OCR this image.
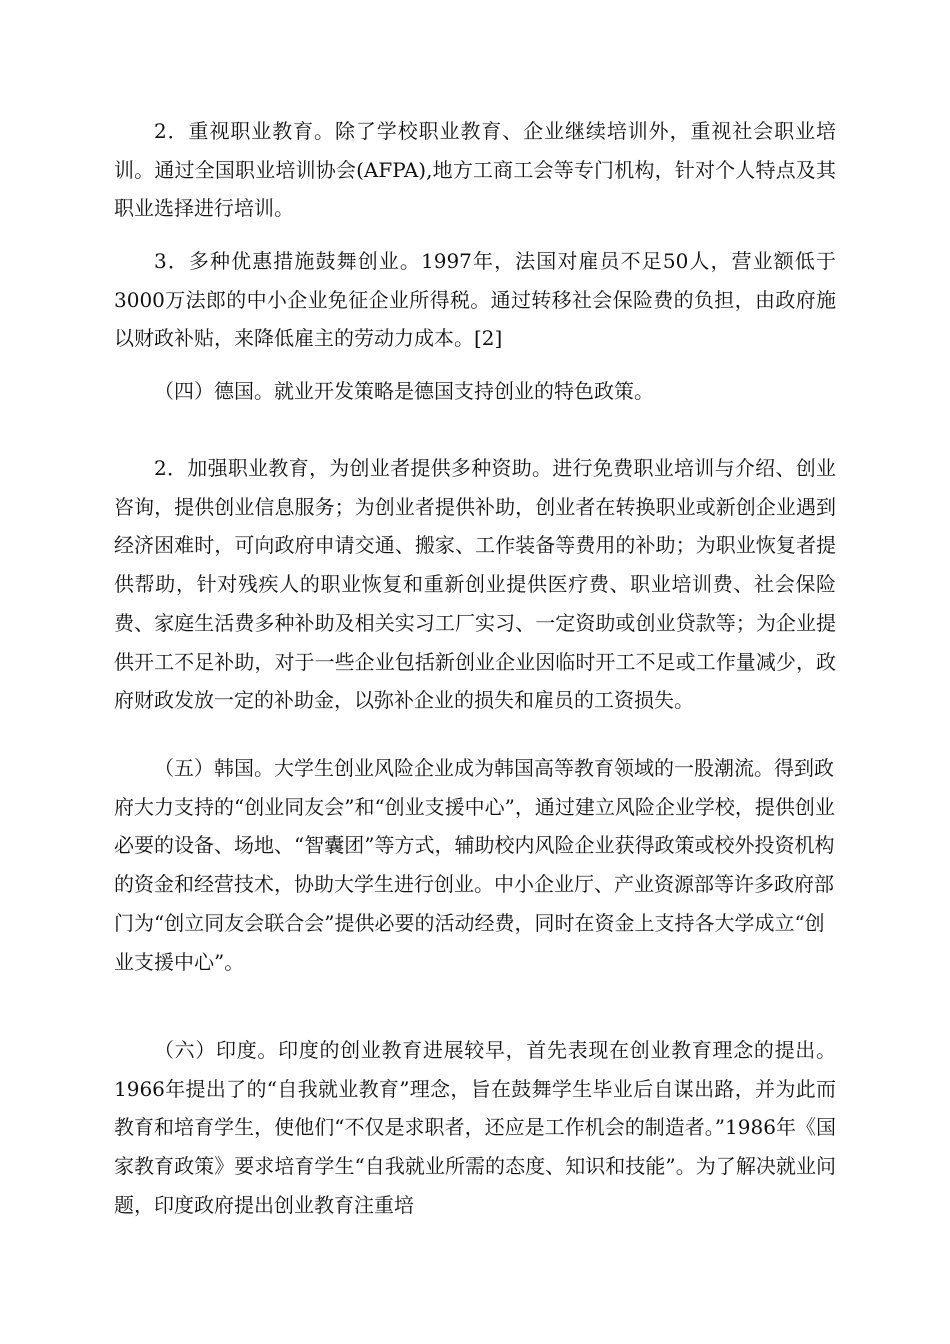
2．重视职业教育。除了学校职业教育、企业继续培训外，重视社会职业培训。通过全国职业培训协会(AFPA),地方工商工会等专门机构，针对个人特点及其职业选择进行培训。

3．多种优惠措施鼓舞创业。1997年，法国对雇员不足50人，营业额低于3000万法郎的中小企业免征企业所得税。通过转移社会保险费的负担，由政府施以财政补贴，来降低雇主的劳动力成本。[2]

（四）德国。就业开发策略是德国支持创业的特色政策。

2．加强职业教育，为创业者提供多种资助。进行免费职业培训与介绍、创业咨询，提供创业信息服务；为创业者提供补助，创业者在转换职业或新创企业遇到经济困难时，可向政府申请交通、搬家、工作装备等费用的补助；为职业恢复者提供帮助，针对残疾人的职业恢复和重新创业提供医疗费、职业培训费、社会保险费、家庭生活费多种补助及相关实习工厂实习、一定资助或创业贷款等；为企业提供开工不足补助，对于一些企业包括新创业企业因临时开工不足或工作量减少，政府财政发放一定的补助金，以弥补企业的损失和雇员的工资损失。

（五）韩国。大学生创业风险企业成为韩国高等教育领域的一股潮流。得到政府大力支持的“创业同友会”和“创业支援中心”，通过建立风险企业学校，提供创业必要的设备、场地、“智囊团”等方式，辅助校内风险企业获得政策或校外投资机构的资金和经营技术，协助大学生进行创业。中小企业厅、产业资源部等许多政府部门为“创立同友会联合会”提供必要的活动经费，同时在资金上支持各大学成立“创业支援中心”。

（六）印度。印度的创业教育进展较早，首先表现在创业教育理念的提出。1966年提出了的“自我就业教育”理念，旨在鼓舞学生毕业后自谋出路，并为此而教育和培育学生，使他们“不仅是求职者，还应是工作机会的制造者。”1986年《国家教育政策》要求培育学生“自我就业所需的态度、知识和技能”。为了解决就业问题，印度政府提出创业教育注重培
